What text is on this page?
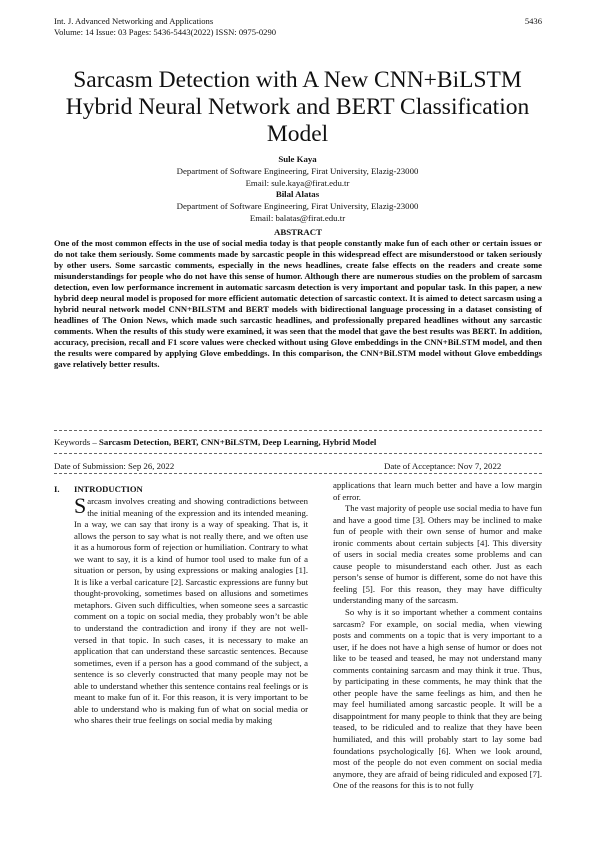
Int. J. Advanced Networking and Applications
Volume: 14 Issue: 03 Pages: 5436-5443(2022) ISSN: 0975-0290
5436
Sarcasm Detection with A New CNN+BiLSTM
Hybrid Neural Network and BERT Classification
Model
Sule Kaya
Department of Software Engineering, Firat University, Elazig-23000
Email: sule.kaya@firat.edu.tr
Bilal Alatas
Department of Software Engineering, Firat University, Elazig-23000
Email: balatas@firat.edu.tr
ABSTRACT
One of the most common effects in the use of social media today is that people constantly make fun of each other or certain issues or do not take them seriously. Some comments made by sarcastic people in this widespread effect are misunderstood or taken seriously by other users. Some sarcastic comments, especially in the news headlines, create false effects on the readers and create some misunderstandings for people who do not have this sense of humor. Although there are numerous studies on the problem of sarcasm detection, even low performance increment in automatic sarcasm detection is very important and popular task. In this paper, a new hybrid deep neural model is proposed for more efficient automatic detection of sarcastic context. It is aimed to detect sarcasm using a hybrid neural network model CNN+BILSTM and BERT models with bidirectional language processing in a dataset consisting of headlines of The Onion News, which made such sarcastic headlines, and professionally prepared headlines without any sarcastic comments. When the results of this study were examined, it was seen that the model that gave the best results was BERT. In addition, accuracy, precision, recall and F1 score values were checked without using Glove embeddings in the CNN+BiLSTM model, and then the results were compared by applying Glove embeddings. In this comparison, the CNN+BiLSTM model without Glove embeddings gave relatively better results.
Keywords – Sarcasm Detection, BERT, CNN+BiLSTM, Deep Learning, Hybrid Model
Date of Submission: Sep 26, 2022	Date of Acceptance: Nov 7, 2022
I. INTRODUCTION

Sarcasm involves creating and showing contradictions between the initial meaning of the expression and its intended meaning. In a way, we can say that irony is a way of speaking. That is, it allows the person to say what is not really there, and we often use it as a humorous form of rejection or humiliation. Contrary to what we want to say, it is a kind of humor tool used to make fun of a situation or person, by using expressions or making analogies [1]. It is like a verbal caricature [2]. Sarcastic expressions are funny but thought-provoking, sometimes based on allusions and sometimes metaphors. Given such difficulties, when someone sees a sarcastic comment on a topic on social media, they probably won’t be able to understand the contradiction and irony if they are not well-versed in that topic. In such cases, it is necessary to make an application that can understand these sarcastic sentences. Because sometimes, even if a person has a good command of the subject, a sentence is so cleverly constructed that many people may not be able to understand whether this sentence contains real feelings or is meant to make fun of it. For this reason, it is very important to be able to understand who is making fun of what on social media or who shares their true feelings on social media by making

applications that learn much better and have a low margin of error.

The vast majority of people use social media to have fun and have a good time [3]. Others may be inclined to make fun of people with their own sense of humor and make ironic comments about certain subjects [4]. This diversity of users in social media creates some problems and can cause people to misunderstand each other. Just as each person’s sense of humor is different, some do not have this feeling [5]. For this reason, they may have difficulty understanding many of the sarcasm.

So why is it so important whether a comment contains sarcasm? For example, on social media, when viewing posts and comments on a topic that is very important to a user, if he does not have a high sense of humor or does not like to be teased and teased, he may not understand many comments containing sarcasm and may think it true. Thus, by participating in these comments, he may think that the other people have the same feelings as him, and then he may feel humiliated among sarcastic people. It will be a disappointment for many people to think that they are being teased, to be ridiculed and to realize that they have been humiliated, and this will probably start to lay some bad foundations psychologically [6]. When we look around, most of the people do not even comment on social media anymore, they are afraid of being ridiculed and exposed [7]. One of the reasons for this is to not fully
